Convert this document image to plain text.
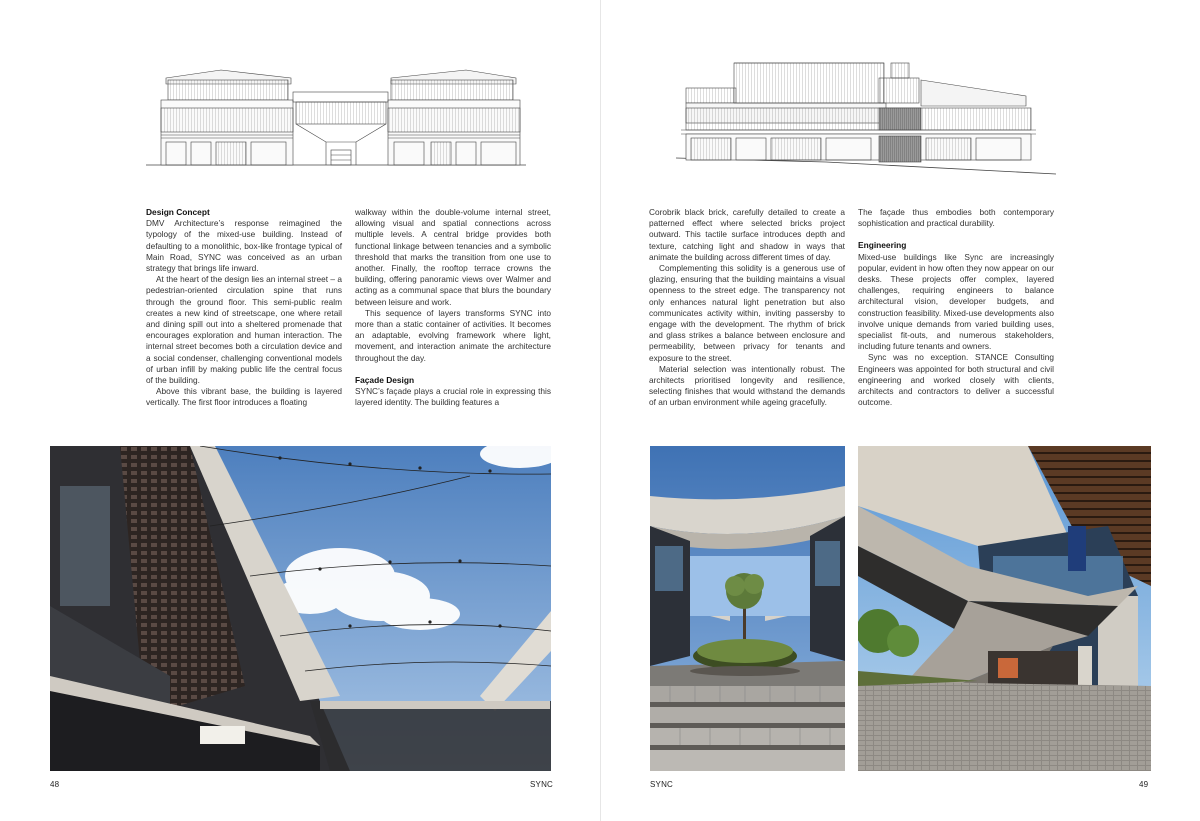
Design Concept

DMV Architecture’s response reimagined the typology of the mixed-use building. Instead of defaulting to a monolithic, box-like frontage typical of Main Road, SYNC was conceived as an urban strategy that brings life inward.

At the heart of the design lies an internal street – a pedestrian-oriented circulation spine that runs through the ground floor. This semi-public realm creates a new kind of streetscape, one where retail and dining spill out into a sheltered promenade that encourages exploration and human interaction. The internal street becomes both a circulation device and a social condenser, challenging conventional models of urban infill by making public life the central focus of the building.

Above this vibrant base, the building is layered vertically. The first floor introduces a floating

walkway within the double-volume internal street, allowing visual and spatial connections across multiple levels. A central bridge provides both functional linkage between tenancies and a symbolic threshold that marks the transition from one use to another. Finally, the rooftop terrace crowns the building, offering panoramic views over Walmer and acting as a communal space that blurs the boundary between leisure and work.

This sequence of layers transforms SYNC into more than a static container of activities. It becomes an adaptable, evolving framework where light, movement, and interaction animate the architecture throughout the day.

Façade Design

SYNC’s façade plays a crucial role in expressing this layered identity. The building features a

Corobrik black brick, carefully detailed to create a patterned effect where selected bricks project outward. This tactile surface introduces depth and texture, catching light and shadow in ways that animate the building across different times of day.

Complementing this solidity is a generous use of glazing, ensuring that the building maintains a visual openness to the street edge. The transparency not only enhances natural light penetration but also communicates activity within, inviting passersby to engage with the development. The rhythm of brick and glass strikes a balance between enclosure and permeability, between privacy for tenants and exposure to the street.

Material selection was intentionally robust. The architects prioritised longevity and resilience, selecting finishes that would withstand the demands of an urban environment while ageing gracefully.

The façade thus embodies both contemporary sophistication and practical durability.

Engineering

Mixed-use buildings like Sync are increasingly popular, evident in how often they now appear on our desks. These projects offer complex, layered challenges, requiring engineers to balance architectural vision, developer budgets, and construction feasibility. Mixed-use developments also involve unique demands from varied building uses, specialist fit-outs, and numerous stakeholders, including future tenants and owners.

Sync was no exception. STANCE Consulting Engineers was appointed for both structural and civil engineering and worked closely with clients, architects and contractors to deliver a successful outcome.

48	SYNC	SYNC	49
